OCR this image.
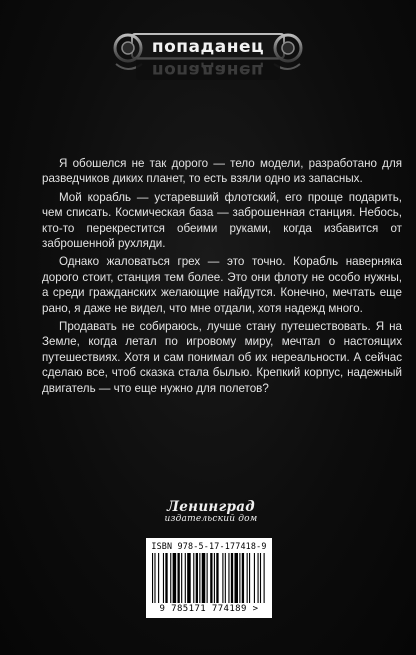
попаданец
попаданец

Я обошелся не так дорого — тело модели, разработано для разведчиков диких планет, то есть взяли одно из запасных.

Мой корабль — устаревший флотский, его проще подарить, чем списать. Космическая база — заброшенная станция. Небось, кто-то перекрестится обеими руками, когда избавится от заброшенной рухляди.

Однако жаловаться грех — это точно. Корабль наверняка дорого стоит, станция тем более. Это они флоту не особо нужны, а среди гражданских желающие найдутся. Конечно, мечтать еще рано, я даже не видел, что мне отдали, хотя надежд много.

Продавать не собираюсь, лучше стану путешествовать. Я на Земле, когда летал по игровому миру, мечтал о настоящих путешествиях. Хотя и сам понимал об их нереальности. А сейчас сделаю все, чтоб сказка стала былью. Крепкий корпус, надежный двигатель — что еще нужно для полетов?

Ленинград
издательский дом
ISBN 978-5-17-177418-9
9 785171 774189 >
